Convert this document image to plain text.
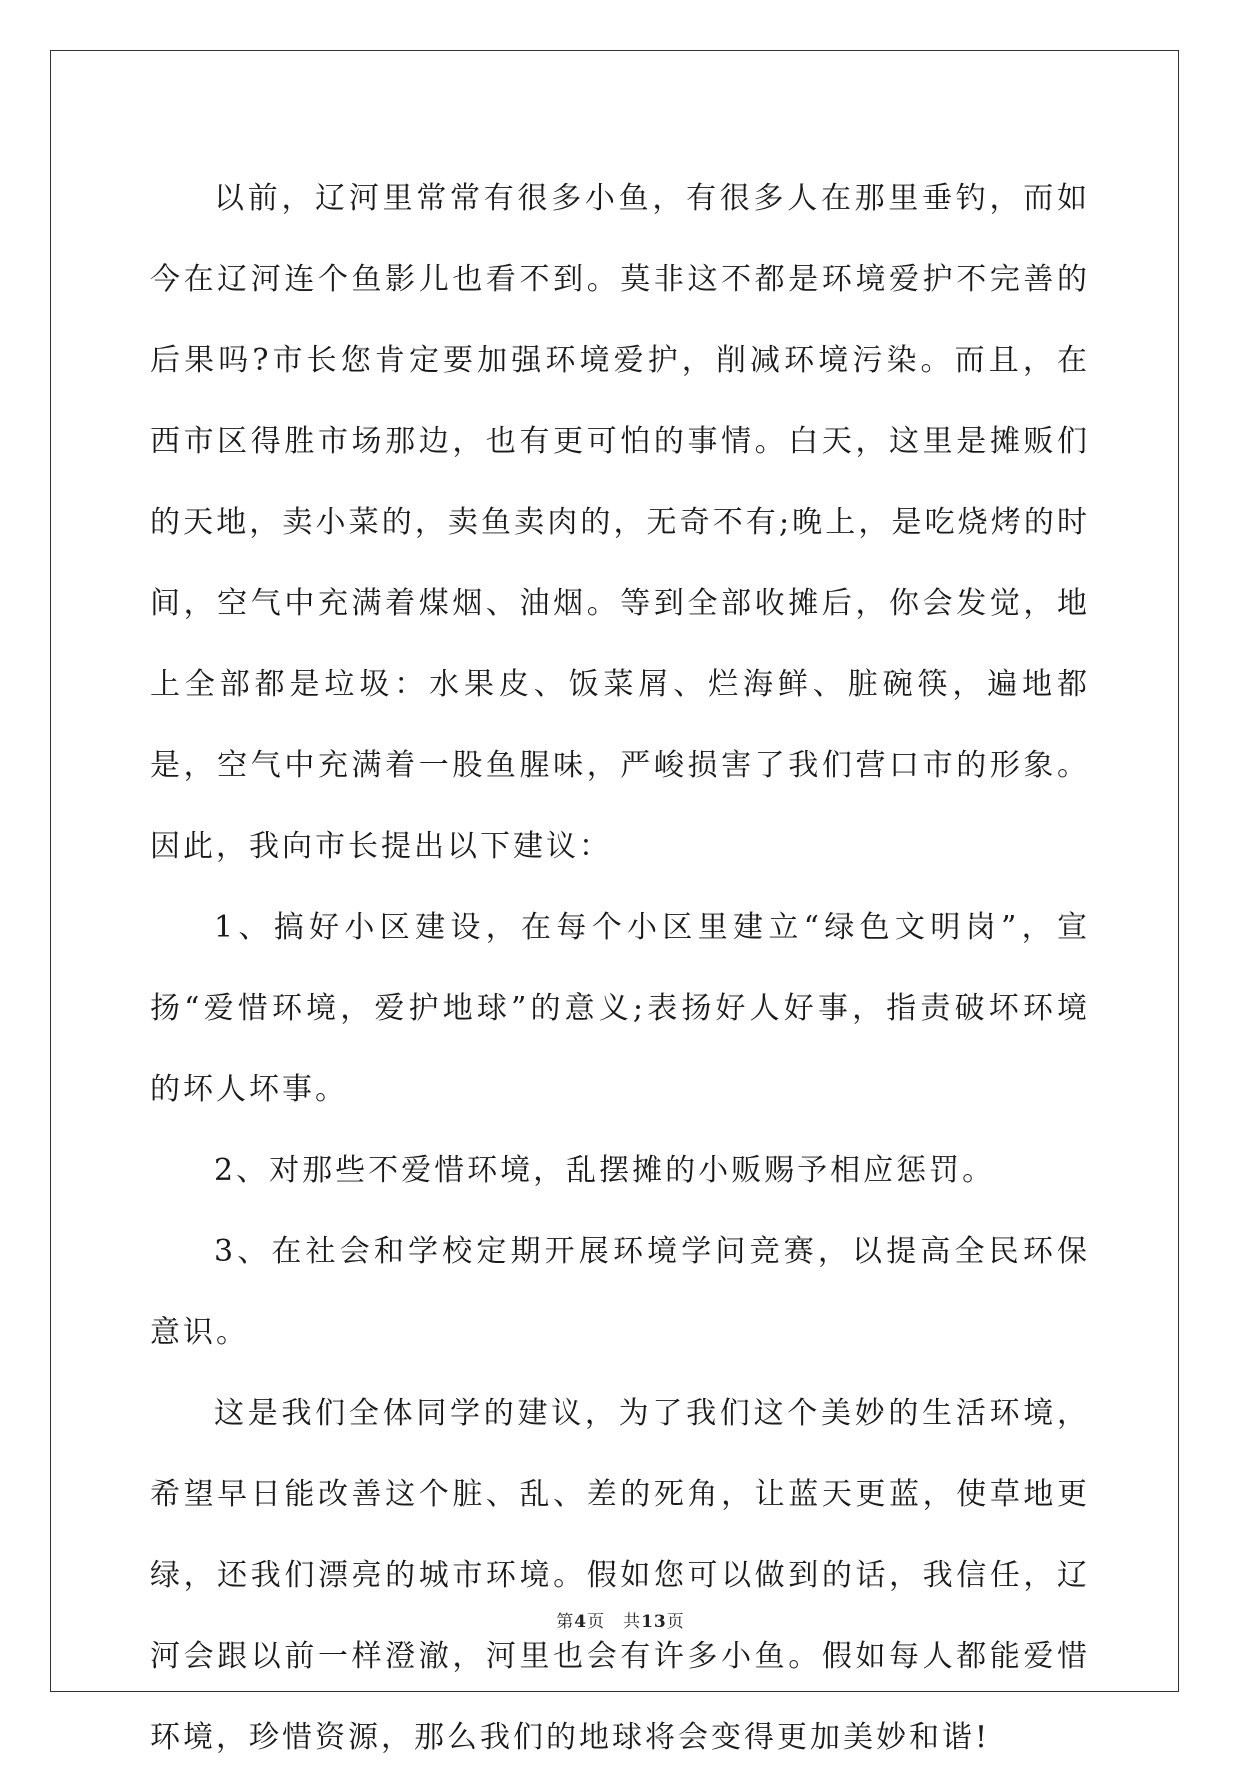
以前，辽河里常常有很多小鱼，有很多人在那里垂钓，而如今在辽河连个鱼影儿也看不到。莫非这不都是环境爱护不完善的后果吗?市长您肯定要加强环境爱护，削减环境污染。而且，在西市区得胜市场那边，也有更可怕的事情。白天，这里是摊贩们的天地，卖小菜的，卖鱼卖肉的，无奇不有;晚上，是吃烧烤的时间，空气中充满着煤烟、油烟。等到全部收摊后，你会发觉，地上全部都是垃圾：水果皮、饭菜屑、烂海鲜、脏碗筷，遍地都是，空气中充满着一股鱼腥味，严峻损害了我们营口市的形象。因此，我向市长提出以下建议：

1、搞好小区建设，在每个小区里建立“绿色文明岗”，宣扬“爱惜环境，爱护地球”的意义;表扬好人好事，指责破坏环境的坏人坏事。

2、对那些不爱惜环境，乱摆摊的小贩赐予相应惩罚。

3、在社会和学校定期开展环境学问竞赛，以提高全民环保意识。

这是我们全体同学的建议，为了我们这个美妙的生活环境，希望早日能改善这个脏、乱、差的死角，让蓝天更蓝，使草地更绿，还我们漂亮的城市环境。假如您可以做到的话，我信任，辽河会跟以前一样澄澈，河里也会有许多小鱼。假如每人都能爱惜环境，珍惜资源，那么我们的地球将会变得更加美妙和谐!

第4页 共13页
